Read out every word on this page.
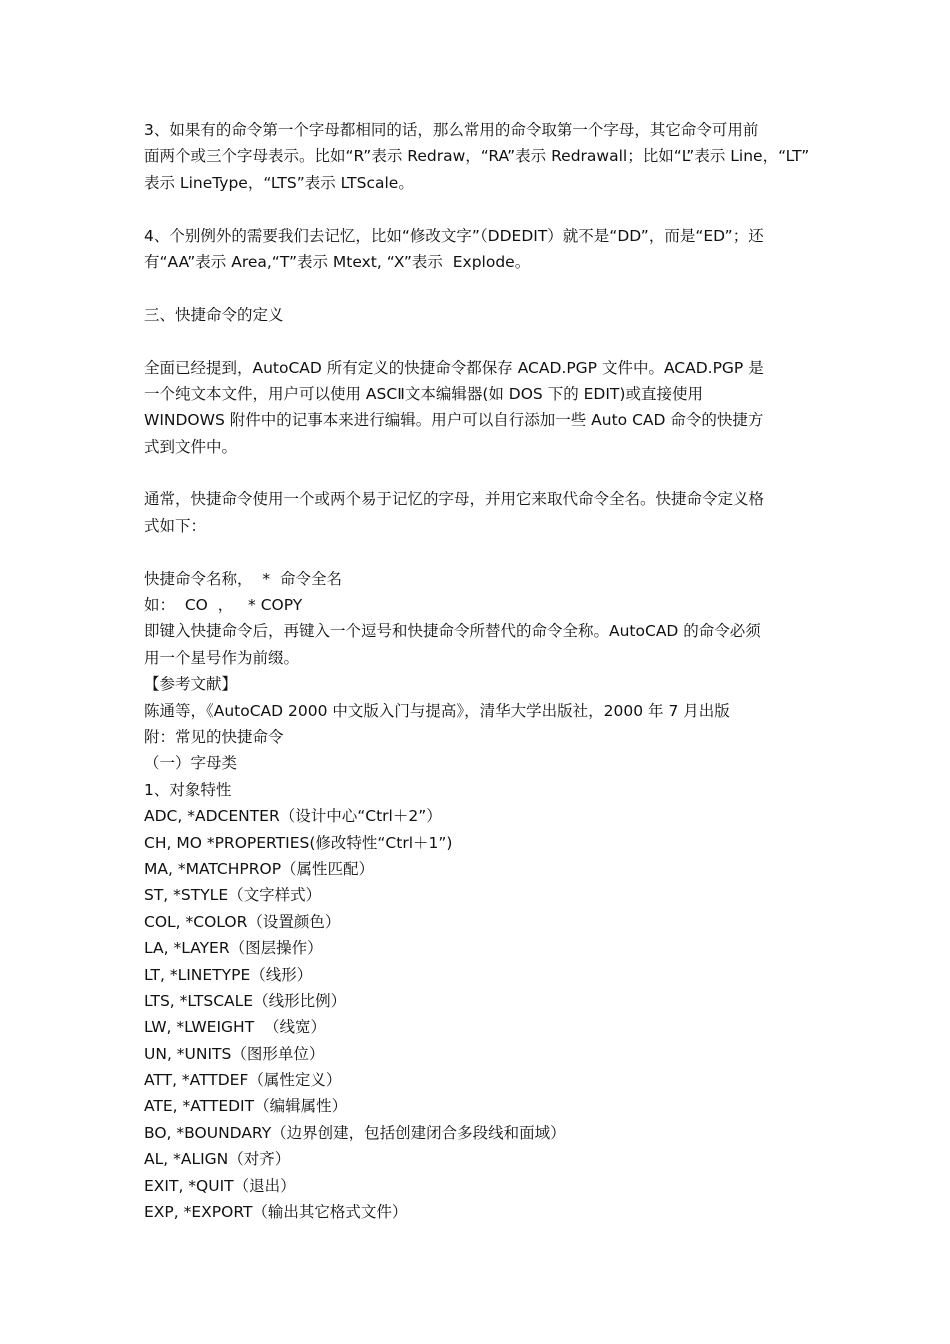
3、如果有的命令第一个字母都相同的话，那么常用的命令取第一个字母，其它命令可用前
面两个或三个字母表示。比如“R”表示 Redraw，“RA”表示 Redrawall；比如“L”表示 Line，“LT”
表示 LineType，“LTS”表示 LTScale。
4、个别例外的需要我们去记忆，比如“修改文字”（DDEDIT）就不是“DD”，而是“ED”；还
有“AA”表示 Area,“T”表示 Mtext, “X”表示  Explode。
三、快捷命令的定义
全面已经提到，AutoCAD 所有定义的快捷命令都保存 ACAD.PGP 文件中。ACAD.PGP 是
一个纯文本文件，用户可以使用 ASCⅡ文本编辑器(如 DOS 下的 EDIT)或直接使用
WINDOWS 附件中的记事本来进行编辑。用户可以自行添加一些 Auto CAD 命令的快捷方
式到文件中。
通常，快捷命令使用一个或两个易于记忆的字母，并用它来取代命令全名。快捷命令定义格
式如下：
快捷命令名称，  *  命令全名
如：  CO  ，   * COPY
即键入快捷命令后，再键入一个逗号和快捷命令所替代的命令全称。AutoCAD 的命令必须
用一个星号作为前缀。
【参考文献】
陈通等，《AutoCAD 2000 中文版入门与提高》，清华大学出版社，2000 年 7 月出版
附：常见的快捷命令
（一）字母类
1、对象特性
ADC, *ADCENTER（设计中心“Ctrl＋2”）
CH, MO *PROPERTIES(修改特性“Ctrl＋1”)
MA, *MATCHPROP（属性匹配）
ST, *STYLE（文字样式）
COL, *COLOR（设置颜色）
LA, *LAYER（图层操作）
LT, *LINETYPE（线形）
LTS, *LTSCALE（线形比例）
LW, *LWEIGHT  （线宽）
UN, *UNITS（图形单位）
ATT, *ATTDEF（属性定义）
ATE, *ATTEDIT（编辑属性）
BO, *BOUNDARY（边界创建，包括创建闭合多段线和面域）
AL, *ALIGN（对齐）
EXIT, *QUIT（退出）
EXP, *EXPORT（输出其它格式文件）
